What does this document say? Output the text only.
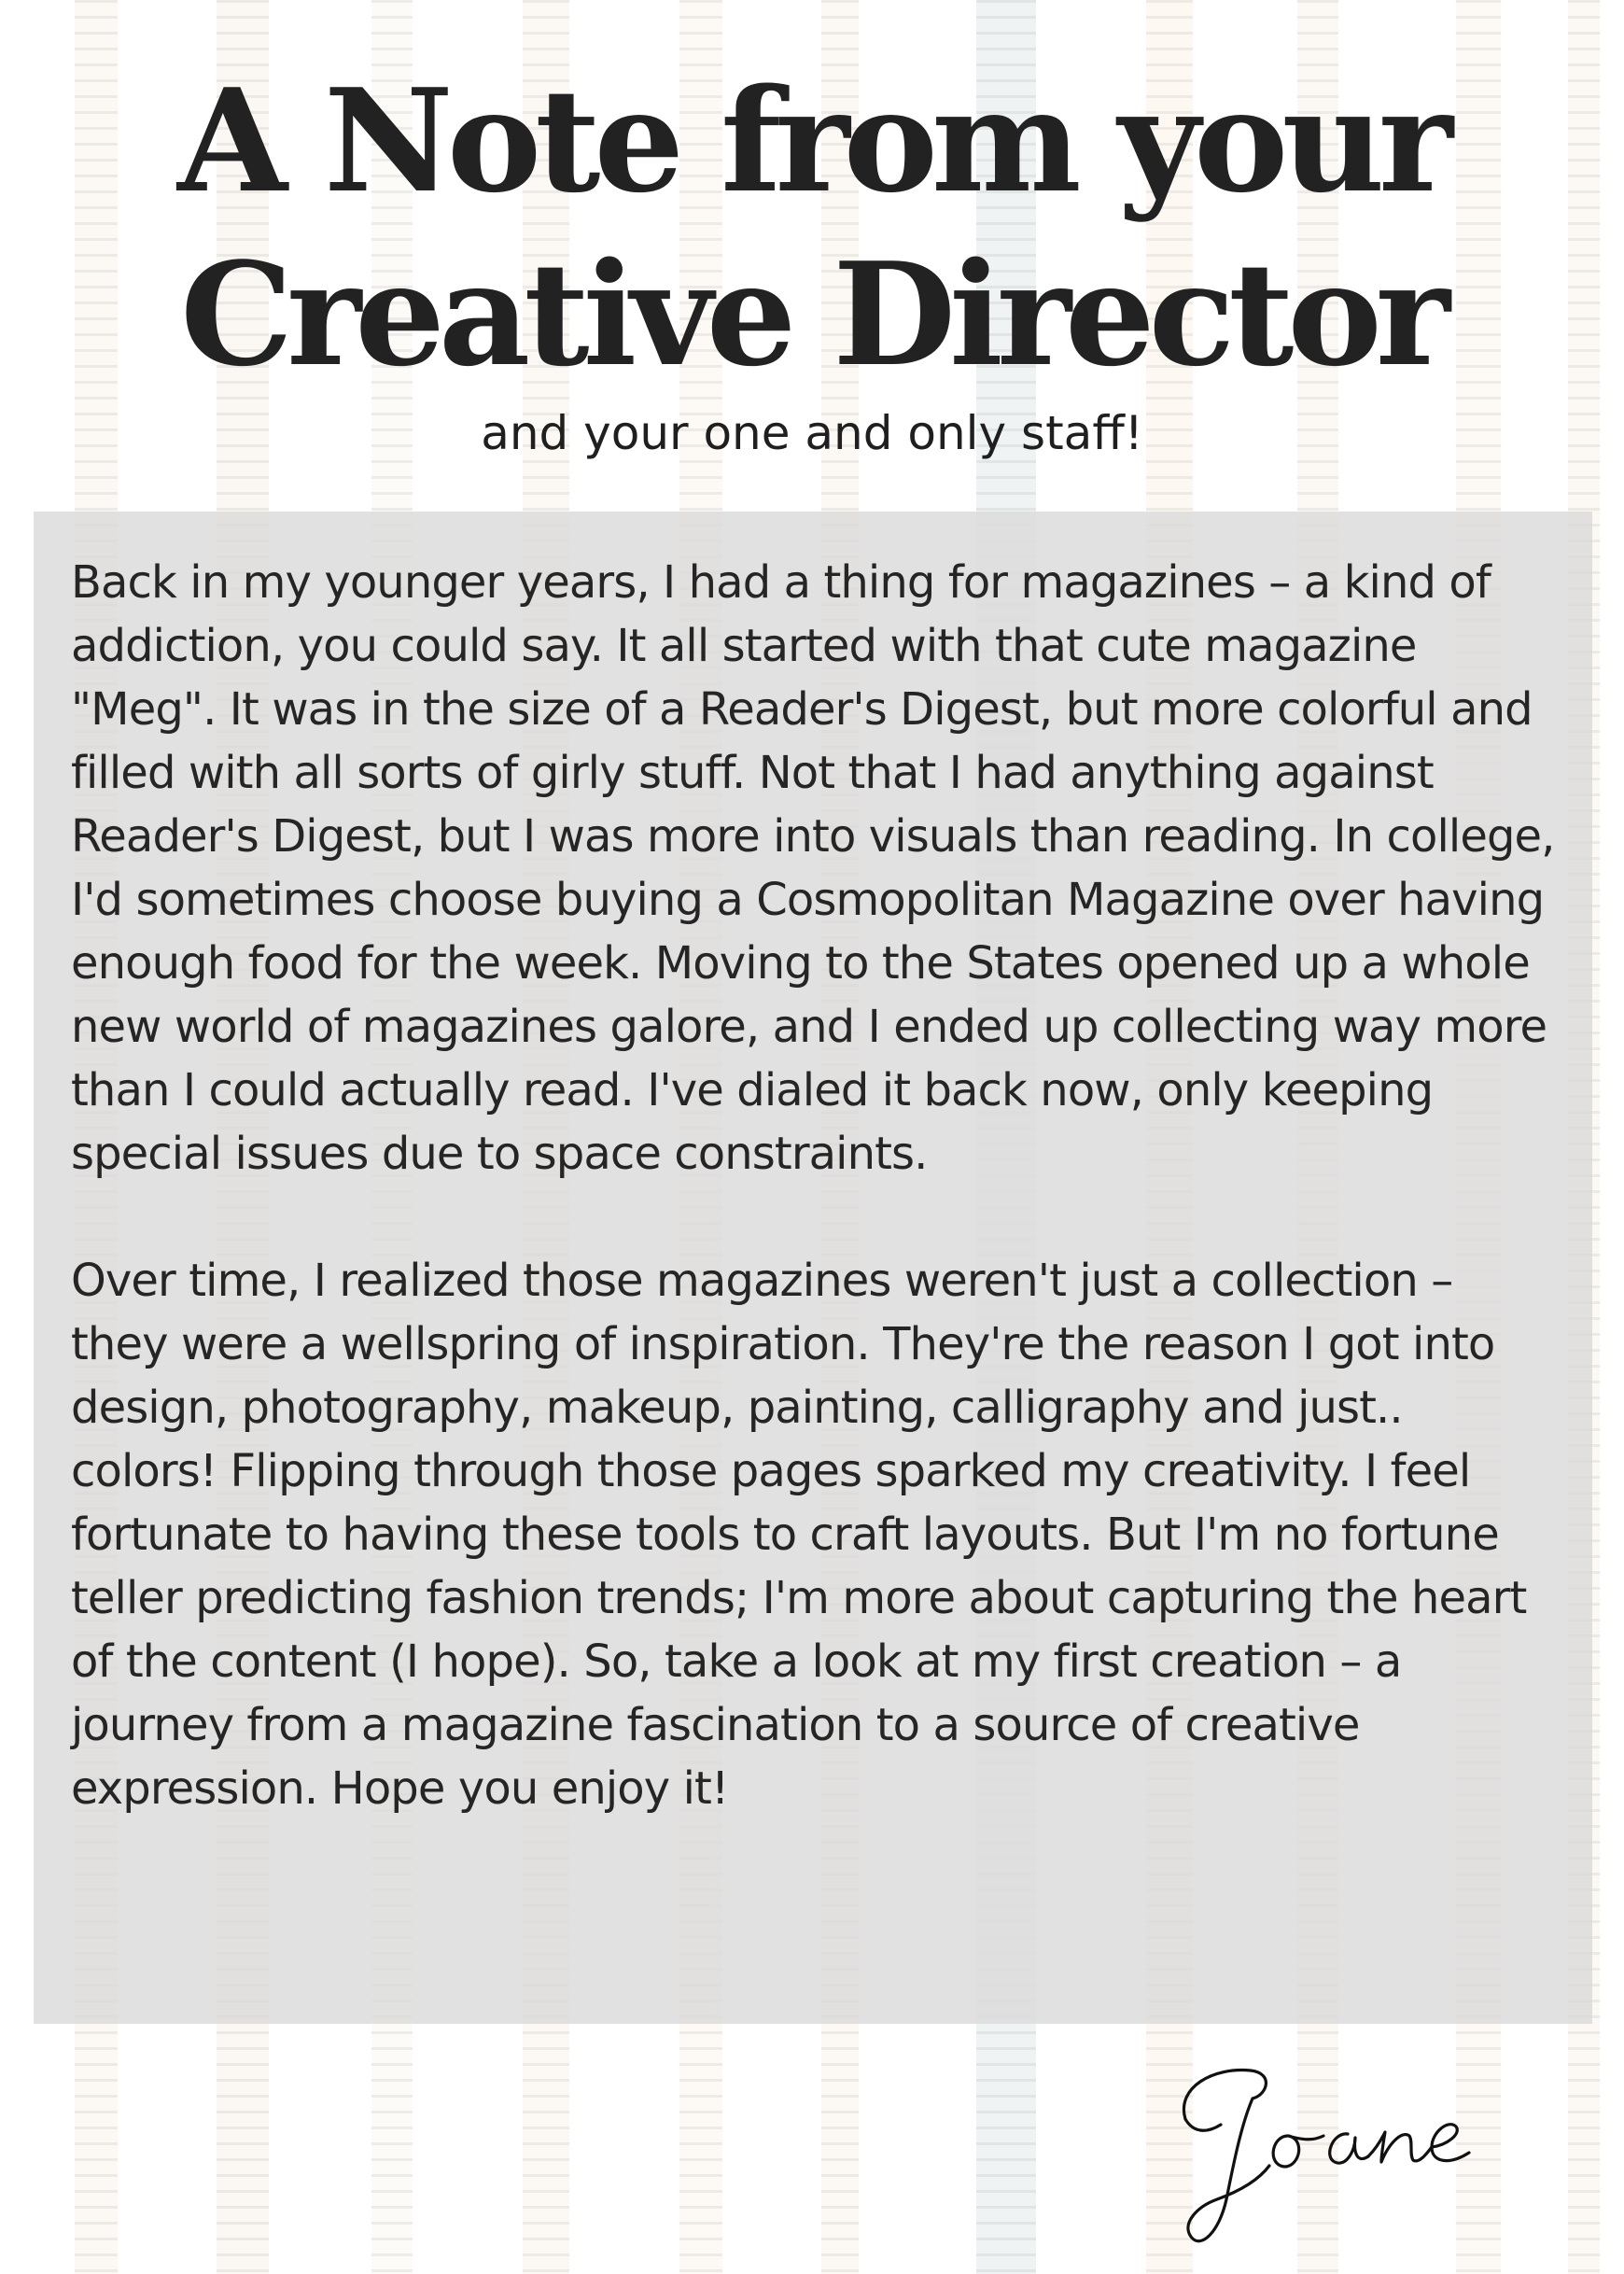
A Note from your
Creative Director
and your one and only staff!

Back in my younger years, I had a thing for magazines – a kind of addiction, you could say. It all started with that cute magazine "Meg". It was in the size of a Reader's Digest, but more colorful and filled with all sorts of girly stuff. Not that I had anything against Reader's Digest, but I was more into visuals than reading. In college, I'd sometimes choose buying a Cosmopolitan Magazine over having enough food for the week. Moving to the States opened up a whole new world of magazines galore, and I ended up collecting way more than I could actually read. I've dialed it back now, only keeping special issues due to space constraints.

Over time, I realized those magazines weren't just a collection – they were a wellspring of inspiration. They're the reason I got into design, photography, makeup, painting, calligraphy and just.. colors! Flipping through those pages sparked my creativity. I feel fortunate to having these tools to craft layouts. But I'm no fortune teller predicting fashion trends; I'm more about capturing the heart of the content (I hope). So, take a look at my first creation – a journey from a magazine fascination to a source of creative expression. Hope you enjoy it!
